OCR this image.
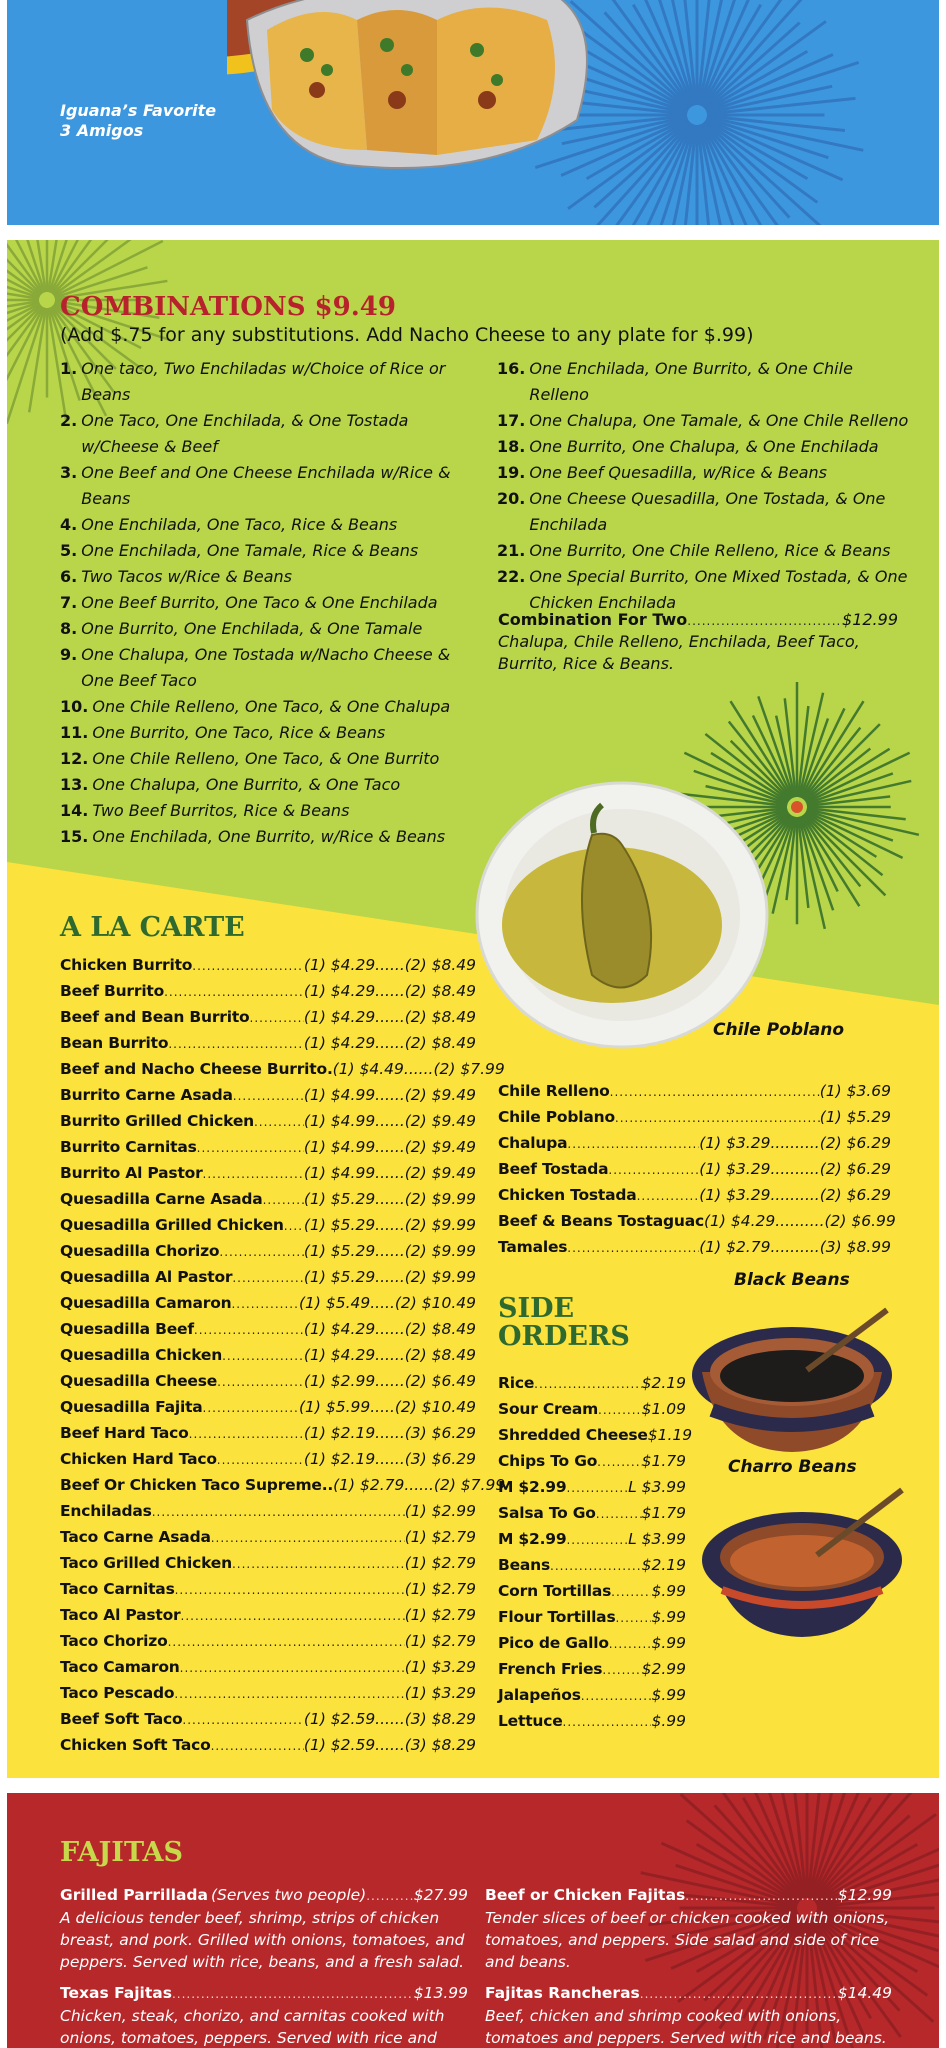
Iguana’s Favorite
3 Amigos
COMBINATIONS $9.49
(Add $.75 for any substitutions. Add Nacho Cheese to any plate for $.99)
1. One taco, Two Enchiladas w/Choice of Rice or Beans
2. One Taco, One Enchilada, & One Tostada w/Cheese & Beef
3. One Beef and One Cheese Enchilada w/Rice & Beans
4. One Enchilada, One Taco, Rice & Beans
5. One Enchilada, One Tamale, Rice & Beans
6. Two Tacos w/Rice & Beans
7. One Beef Burrito, One Taco & One Enchilada
8. One Burrito, One Enchilada, & One Tamale
9. One Chalupa, One Tostada w/Nacho Cheese & One Beef Taco
10. One Chile Relleno, One Taco, & One Chalupa
11. One Burrito, One Taco, Rice & Beans
12. One Chile Relleno, One Taco, & One Burrito
13. One Chalupa, One Burrito, & One Taco
14. Two Beef Burritos, Rice & Beans
15. One Enchilada, One Burrito, w/Rice & Beans
16. One Enchilada, One Burrito, & One Chile Relleno
17. One Chalupa, One Tamale, & One Chile Relleno
18. One Burrito, One Chalupa, & One Enchilada
19. One Beef Quesadilla, w/Rice & Beans
20. One Cheese Quesadilla, One Tostada, & One Enchilada
21. One Burrito, One Chile Relleno, Rice & Beans
22. One Special Burrito, One Mixed Tostada, & One Chicken Enchilada
Combination For Two .....	$12.99
Chalupa, Chile Relleno, Enchilada, Beef Taco, Burrito, Rice & Beans.
Chile Poblano
A LA CARTE
Chicken Burrito .....	(1) $4.29......(2) $8.49
Beef Burrito .....	(1) $4.29......(2) $8.49
Beef and Bean Burrito .....	(1) $4.29......(2) $8.49
Bean Burrito .....	(1) $4.29......(2) $8.49
Beef and Nacho Cheese Burrito. (1) $4.49......(2) $7.99
Burrito Carne Asada .....	(1) $4.99......(2) $9.49
Burrito Grilled Chicken .....	(1) $4.99......(2) $9.49
Burrito Carnitas .....	(1) $4.99......(2) $9.49
Burrito Al Pastor .....	(1) $4.99......(2) $9.49
Quesadilla Carne Asada .....	(1) $5.29......(2) $9.99
Quesadilla Grilled Chicken ..... (1) $5.29......(2) $9.99
Quesadilla Chorizo .....	(1) $5.29......(2) $9.99
Quesadilla Al Pastor .....	(1) $5.29......(2) $9.99
Quesadilla Camaron .....	(1) $5.49.....(2) $10.49
Quesadilla Beef .....	(1) $4.29......(2) $8.49
Quesadilla Chicken .....	(1) $4.29......(2) $8.49
Quesadilla Cheese .....	(1) $2.99......(2) $6.49
Quesadilla Fajita .....	(1) $5.99.....(2) $10.49
Beef Hard Taco .....	(1) $2.19......(3) $6.29
Chicken Hard Taco .....	(1) $2.19......(3) $6.29
Beef Or Chicken Taco Supreme.. (1) $2.79......(2) $7.99
Enchiladas .....	(1) $2.99
Taco Carne Asada .....	(1) $2.79
Taco Grilled Chicken .....	(1) $2.79
Taco Carnitas .....	(1) $2.79
Taco Al Pastor .....	(1) $2.79
Taco Chorizo .....	(1) $2.79
Taco Camaron .....	(1) $3.29
Taco Pescado .....	(1) $3.29
Beef Soft Taco .....	(1) $2.59......(3) $8.29
Chicken Soft Taco .....	(1) $2.59......(3) $8.29
Chile Relleno .....	(1) $3.69
Chile Poblano .....	(1) $5.29
Chalupa .....	(1) $3.29..........(2) $6.29
Beef Tostada .....	(1) $3.29..........(2) $6.29
Chicken Tostada .....	(1) $3.29..........(2) $6.29
Beef & Beans Tostaguac (1) $4.29..........(2) $6.99
Tamales .....	(1) $2.79..........(3) $8.99
SIDE
ORDERS
Rice .....	$2.19
Sour Cream .....	$1.09
Shredded Cheese $1.19
Chips To Go .....	$1.79
M $2.99 .....	L $3.99
Salsa To Go .....	$1.79
M $2.99 .....	L $3.99
Beans .....	$2.19
Corn Tortillas .....	$.99
Flour Tortillas ..... $.99
Pico de Gallo .....	$.99
French Fries .....	$2.99
Jalapeños .....	$.99
Lettuce .....	$.99
Black Beans
Charro Beans
FAJITAS
Grilled Parrillada (Serves two people) .....	$27.99
A delicious tender beef, shrimp, strips of chicken breast, and pork. Grilled with onions, tomatoes, and peppers. Served with rice, beans, and a fresh salad.
Texas Fajitas .....	$13.99
Chicken, steak, chorizo, and carnitas cooked with onions, tomatoes, peppers. Served with rice and
Beef or Chicken Fajitas .....	$12.99
Tender slices of beef or chicken cooked with onions, tomatoes, and peppers. Side salad and side of rice and beans.
Fajitas Rancheras .....	$14.49
Beef, chicken and shrimp cooked with onions, tomatoes and peppers. Served with rice and beans.
